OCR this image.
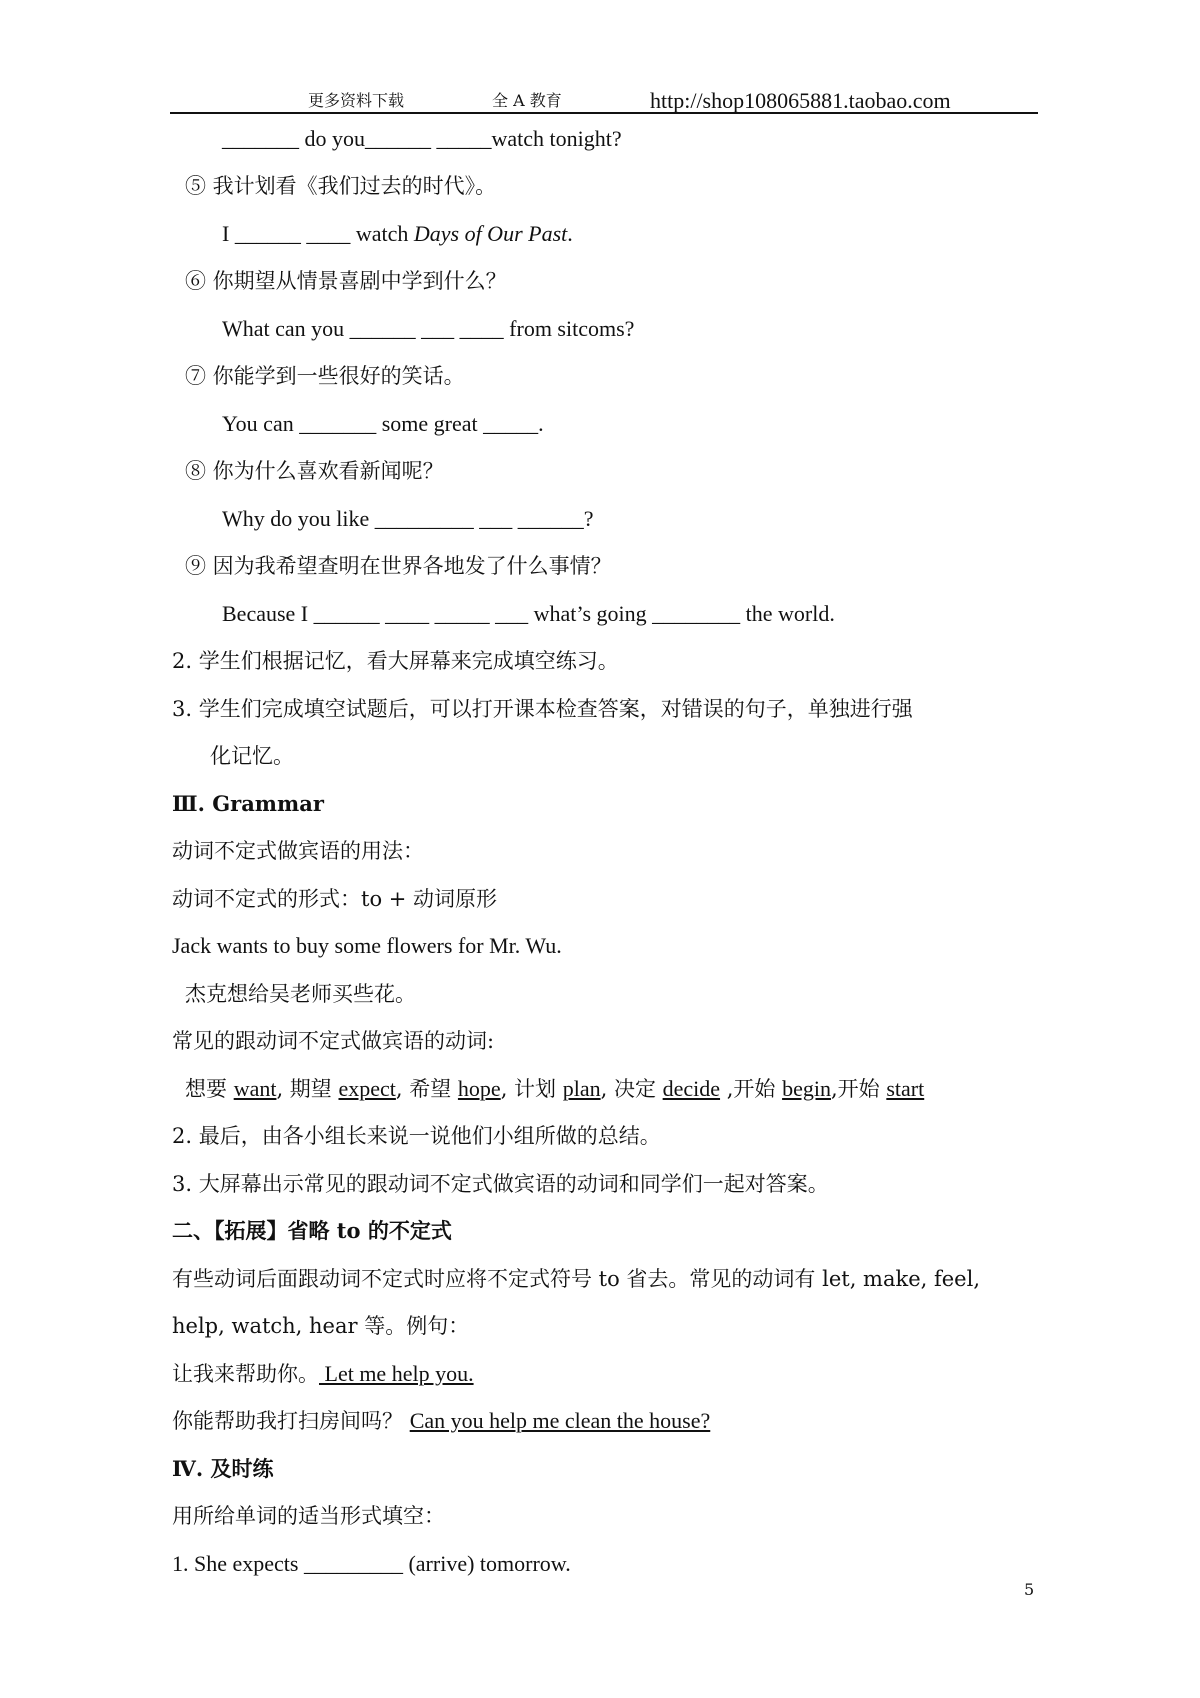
更多资料下载	全 A 教育	http://shop108065881.taobao.com
_______ do you______ _____watch tonight?
⑤ 我计划看《我们过去的时代》。
I ______ ____ watch Days of Our Past.
⑥ 你期望从情景喜剧中学到什么？
What can you ______ ___ ____ from sitcoms?
⑦ 你能学到一些很好的笑话。
You can _______ some great _____.
⑧ 你为什么喜欢看新闻呢？
Why do you like _________ ___ ______?
⑨ 因为我希望查明在世界各地发了什么事情？
Because I ______ ____ _____ ___ what’s going ________ the world.
2. 学生们根据记忆，看大屏幕来完成填空练习。
3. 学生们完成填空试题后，可以打开课本检查答案，对错误的句子，单独进行强
化记忆。
Ⅲ. Grammar
动词不定式做宾语的用法：
动词不定式的形式：to + 动词原形
Jack wants to buy some flowers for Mr. Wu.
杰克想给吴老师买些花。
常见的跟动词不定式做宾语的动词:
想要 want, 期望 expect, 希望 hope, 计划 plan, 决定 decide ,开始 begin,开始 start
2. 最后，由各小组长来说一说他们小组所做的总结。
3. 大屏幕出示常见的跟动词不定式做宾语的动词和同学们一起对答案。
二、【拓展】省略 to 的不定式
有些动词后面跟动词不定式时应将不定式符号 to 省去。常见的动词有 let, make, feel,
help, watch, hear 等。例句：
让我来帮助你。 Let me help you.
你能帮助我打扫房间吗？ Can you help me clean the house?
Ⅳ. 及时练
用所给单词的适当形式填空：
1. She expects _________ (arrive) tomorrow.
5
